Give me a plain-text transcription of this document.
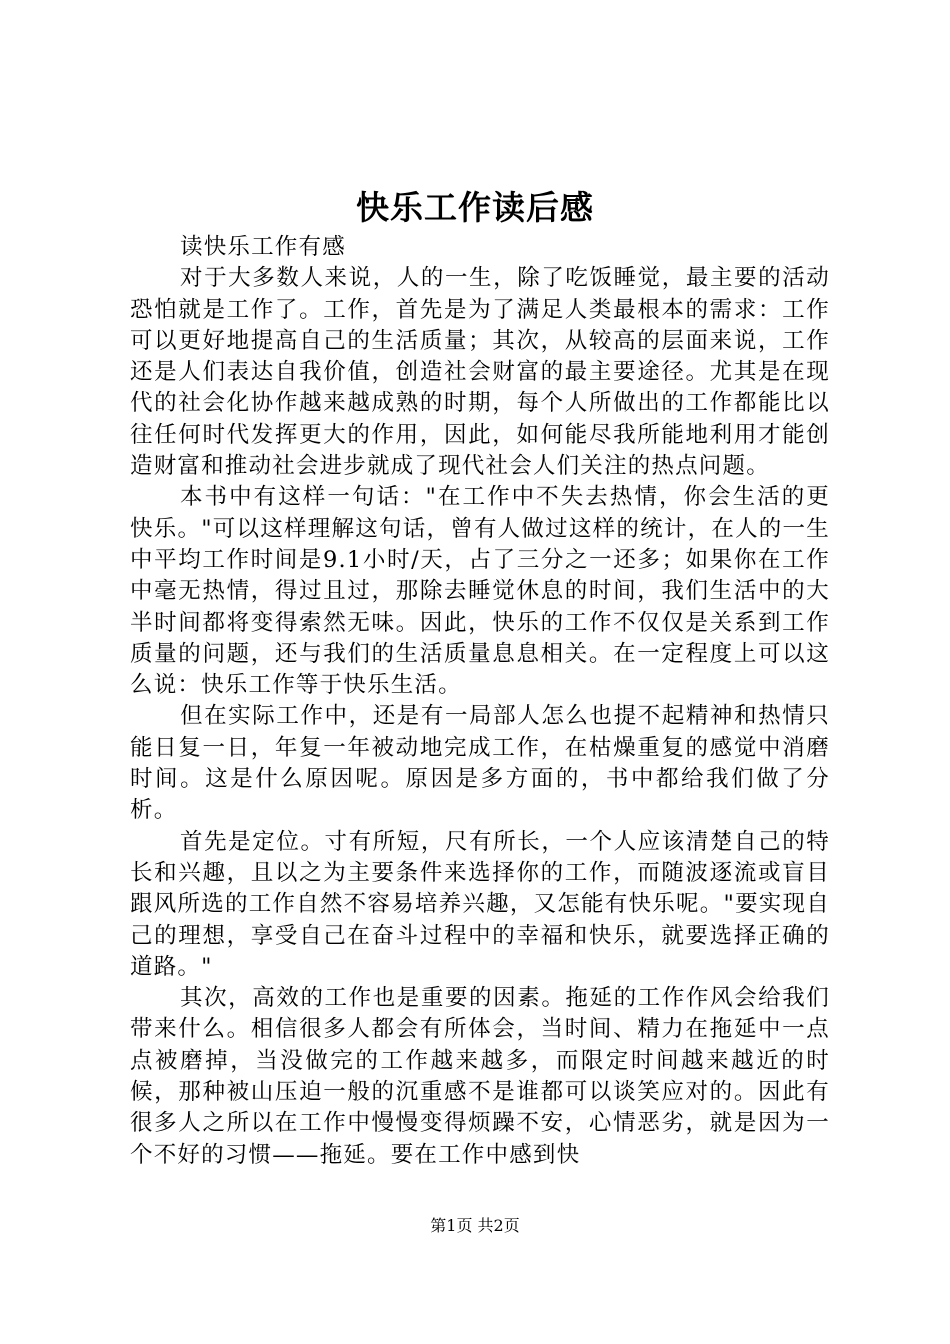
快乐工作读后感

读快乐工作有感

对于大多数人来说，人的一生，除了吃饭睡觉，最主要的活动恐怕就是工作了。工作，首先是为了满足人类最根本的需求：工作可以更好地提高自己的生活质量；其次，从较高的层面来说，工作还是人们表达自我价值，创造社会财富的最主要途径。尤其是在现代的社会化协作越来越成熟的时期，每个人所做出的工作都能比以往任何时代发挥更大的作用，因此，如何能尽我所能地利用才能创造财富和推动社会进步就成了现代社会人们关注的热点问题。

本书中有这样一句话："在工作中不失去热情，你会生活的更快乐。"可以这样理解这句话，曾有人做过这样的统计，在人的一生中平均工作时间是9.1小时/天，占了三分之一还多；如果你在工作中毫无热情，得过且过，那除去睡觉休息的时间，我们生活中的大半时间都将变得索然无味。因此，快乐的工作不仅仅是关系到工作质量的问题，还与我们的生活质量息息相关。在一定程度上可以这么说：快乐工作等于快乐生活。

但在实际工作中，还是有一局部人怎么也提不起精神和热情只能日复一日，年复一年被动地完成工作，在枯燥重复的感觉中消磨时间。这是什么原因呢。原因是多方面的，书中都给我们做了分析。

首先是定位。寸有所短，尺有所长，一个人应该清楚自己的特长和兴趣，且以之为主要条件来选择你的工作，而随波逐流或盲目跟风所选的工作自然不容易培养兴趣，又怎能有快乐呢。"要实现自己的理想，享受自己在奋斗过程中的幸福和快乐，就要选择正确的道路。"

其次，高效的工作也是重要的因素。拖延的工作作风会给我们带来什么。相信很多人都会有所体会，当时间、精力在拖延中一点点被磨掉，当没做完的工作越来越多，而限定时间越来越近的时候，那种被山压迫一般的沉重感不是谁都可以谈笑应对的。因此有很多人之所以在工作中慢慢变得烦躁不安，心情恶劣，就是因为一个不好的习惯——拖延。要在工作中感到快

第1页 共2页
